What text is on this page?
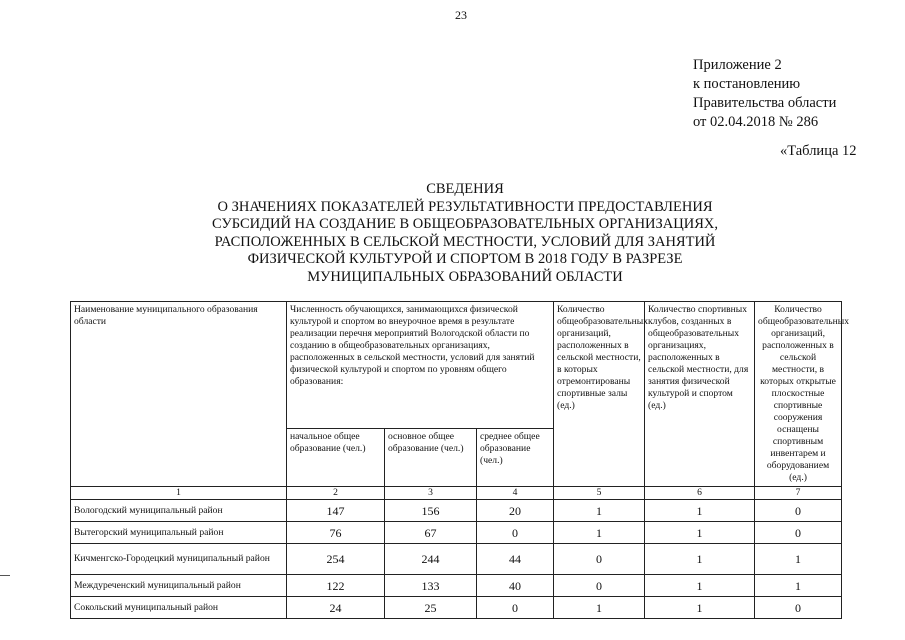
23
Приложение 2
к постановлению
Правительства области
от 02.04.2018 № 286
«Таблица 12
СВЕДЕНИЯ
О ЗНАЧЕНИЯХ ПОКАЗАТЕЛЕЙ РЕЗУЛЬТАТИВНОСТИ ПРЕДОСТАВЛЕНИЯ
СУБСИДИЙ НА СОЗДАНИЕ В ОБЩЕОБРАЗОВАТЕЛЬНЫХ ОРГАНИЗАЦИЯХ,
РАСПОЛОЖЕННЫХ В СЕЛЬСКОЙ МЕСТНОСТИ, УСЛОВИЙ ДЛЯ ЗАНЯТИЙ
ФИЗИЧЕСКОЙ КУЛЬТУРОЙ И СПОРТОМ В 2018 ГОДУ В РАЗРЕЗЕ
МУНИЦИПАЛЬНЫХ ОБРАЗОВАНИЙ ОБЛАСТИ
Наименование муниципального образования области	Численность обучающихся, занимающихся физической культурой и спортом во внеурочное время в результате реализации перечня мероприятий Вологодской области по созданию в общеобразовательных организациях, расположенных в сельской местности, условий для занятий физической культурой и спортом по уровням общего образования:			Количество общеобразовательных организаций, расположенных в сельской местности, в которых отремонтированы спортивные залы (ед.)	Количество спортивных клубов, созданных в общеобразовательных организациях, расположенных в сельской местности, для занятия физической культурой и спортом (ед.)	Количество общеобразовательных организаций, расположенных в сельской местности, в которых открытые плоскостные спортивные сооружения оснащены спортивным инвентарем и оборудованием (ед.)
	начальное общее образование (чел.)	основное общее образование (чел.)	среднее общее образование (чел.)			
1	2	3	4	5	6	7
Вологодский муниципальный район	147	156	20	1	1	0
Вытегорский муниципальный район	76	67	0	1	1	0
Кичменгско-Городецкий муниципальный район	254	244	44	0	1	1
Междуреченский муниципальный район	122	133	40	0	1	1
Сокольский муниципальный район	24	25	0	1	1	0
